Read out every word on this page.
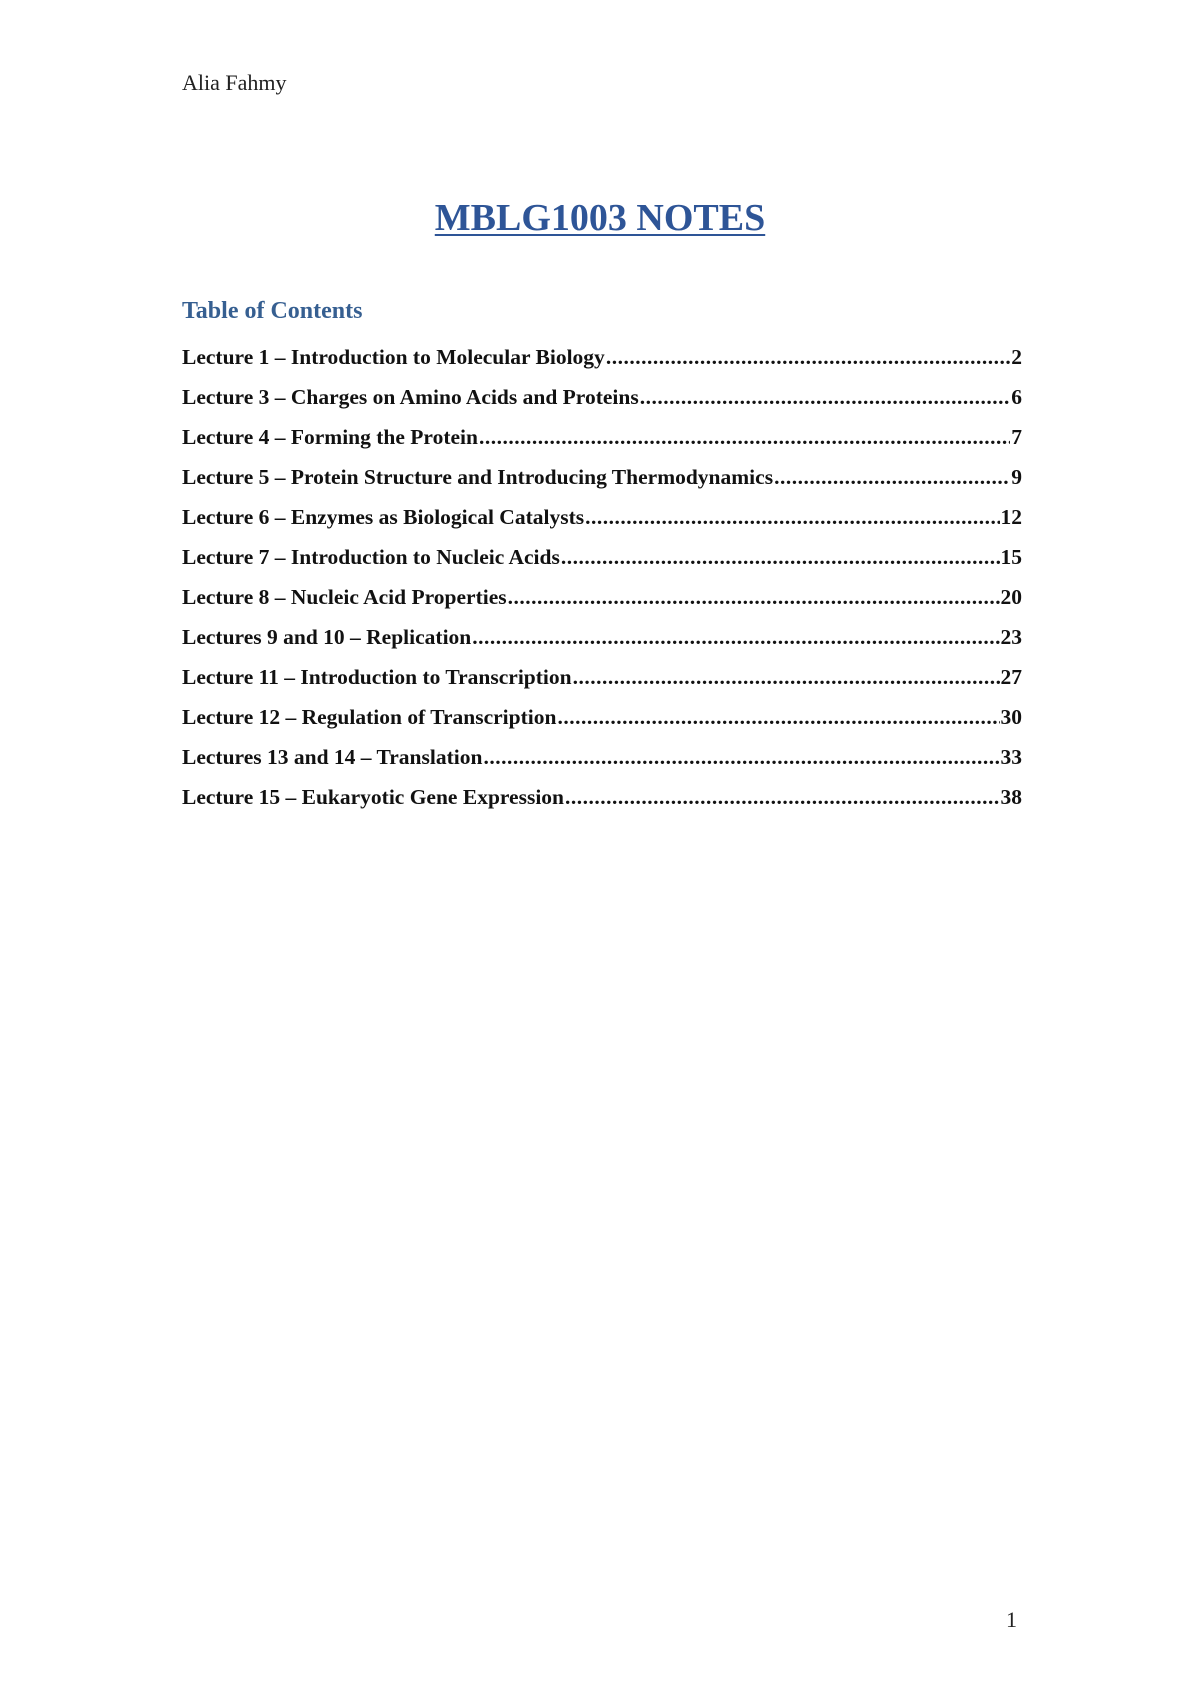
Alia Fahmy
MBLG1003 NOTES
Table of Contents
Lecture 1 – Introduction to Molecular Biology .....	2
Lecture 3 – Charges on Amino Acids and Proteins .....	6
Lecture 4 – Forming the Protein .....	7
Lecture 5 – Protein Structure and Introducing Thermodynamics .....	9
Lecture 6 – Enzymes as Biological Catalysts .....	12
Lecture 7 – Introduction to Nucleic Acids .....	15
Lecture 8 – Nucleic Acid Properties .....	20
Lectures 9 and 10 – Replication .....	23
Lecture 11 – Introduction to Transcription .....	27
Lecture 12 – Regulation of Transcription .....	30
Lectures 13 and 14 – Translation .....	33
Lecture 15 – Eukaryotic Gene Expression .....	38
1
